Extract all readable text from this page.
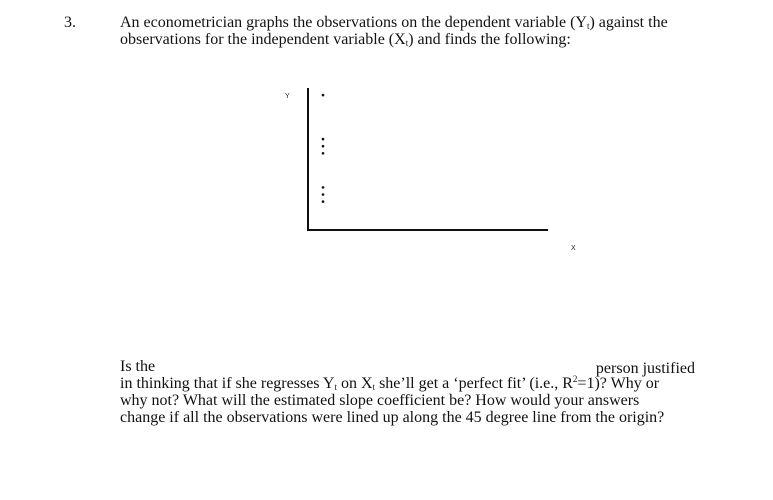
3.	An econometrician graphs the observations on the dependent variable $(Y_t)$ against the
observations for the independent variable $(X_t)$ and finds the following:
Y
X
Is the	person justified
in thinking that if she regresses $Y_t$ on $X_t$ she’ll get a ‘perfect fit’ (i.e., $R^2=1$)? Why or
why not? What will the estimated slope coefficient be? How would your answers
change if all the observations were lined up along the 45 degree line from the origin?
